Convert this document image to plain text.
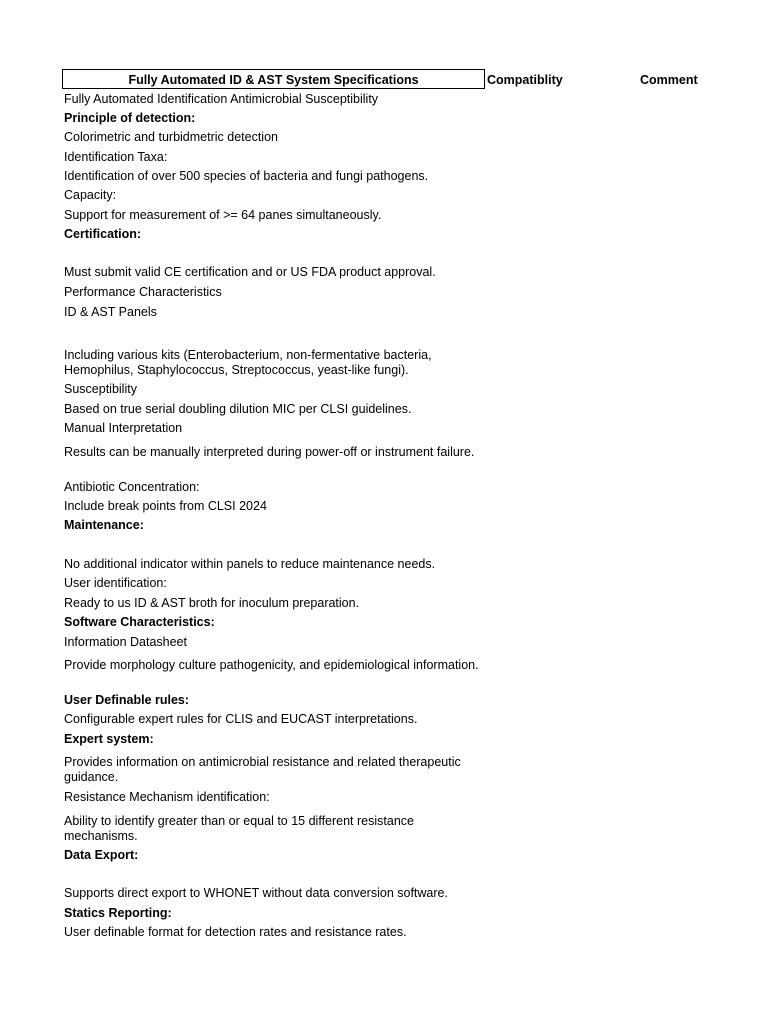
Fully Automated ID & AST System Specifications	Compatiblity	Comment
Fully Automated Identification Antimicrobial Susceptibility
Principle of detection:
Colorimetric and turbidmetric detection
Identification Taxa:
Identification of over 500 species of bacteria and fungi pathogens.
Capacity:
Support for measurement of >= 64 panes simultaneously.
Certification:
Must submit valid CE certification and or US FDA product approval.
Performance Characteristics
ID & AST Panels
Including various kits (Enterobacterium, non-fermentative bacteria, Hemophilus, Staphylococcus, Streptococcus, yeast-like fungi).
Susceptibility
Based on true serial doubling dilution MIC per CLSI guidelines.
Manual Interpretation
Results can be manually interpreted during power-off or instrument failure.
Antibiotic Concentration:
Include break points from CLSI 2024
Maintenance:
No additional indicator within panels to reduce maintenance needs.
User identification:
Ready to us ID & AST broth for inoculum preparation.
Software Characteristics:
Information Datasheet
Provide morphology culture pathogenicity, and epidemiological information.
User Definable rules:
Configurable expert rules for CLIS and EUCAST interpretations.
Expert system:
Provides information on antimicrobial resistance and related therapeutic guidance.
Resistance Mechanism identification:
Ability to identify greater than or equal to 15 different resistance mechanisms.
Data Export:
Supports direct export to WHONET without data conversion software.
Statics Reporting:
User definable format for detection rates and resistance rates.
